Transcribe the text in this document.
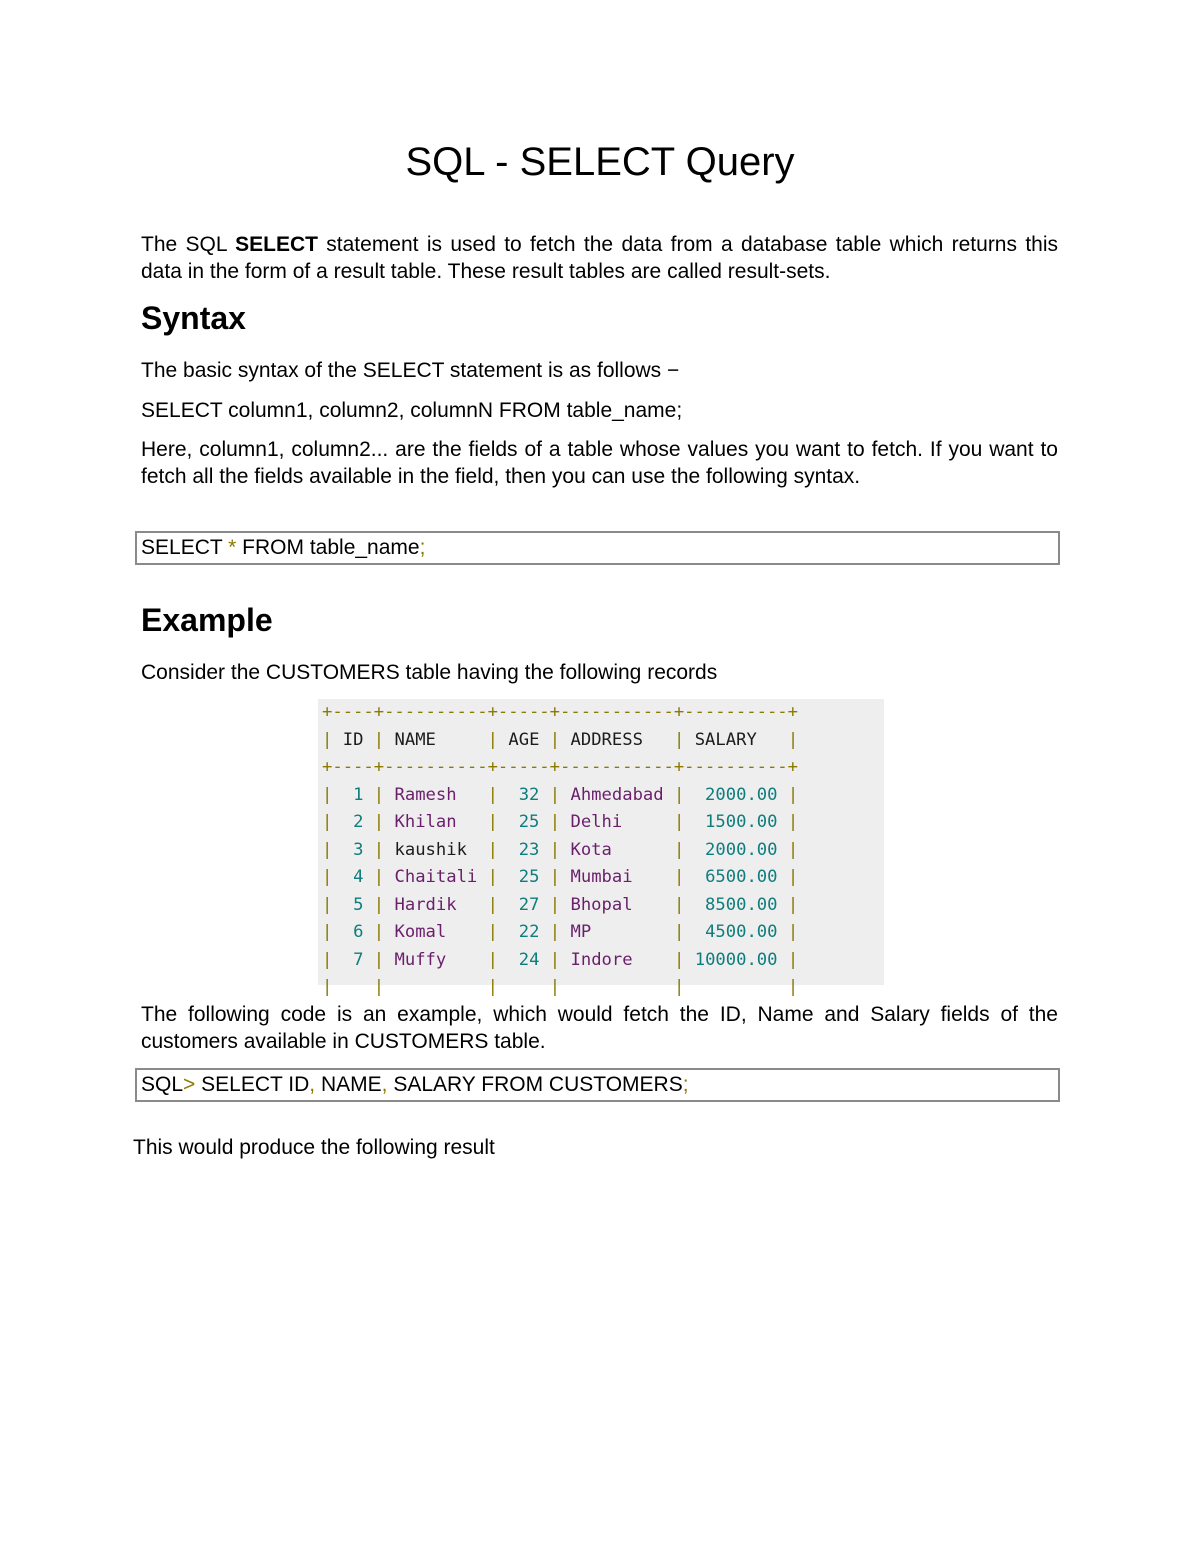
SQL - SELECT Query
The SQL SELECT statement is used to fetch the data from a database table which returns this data in the form of a result table. These result tables are called result-sets.
Syntax
The basic syntax of the SELECT statement is as follows −
SELECT column1, column2, columnN FROM table_name;
Here, column1, column2... are the fields of a table whose values you want to fetch. If you want to fetch all the fields available in the field, then you can use the following syntax.
SELECT * FROM table_name;
Example
Consider the CUSTOMERS table having the following records
+----+----------+-----+-----------+----------+
| ID | NAME	| AGE | ADDRESS | SALARY |
+----+----------+-----+-----------+----------+
| 1 | Ramesh | 32 | Ahmedabad | 2000.00 |
| 2 | Khilan | 25 | Delhi	| 1500.00 |
| 3 | kaushik | 23 | Kota	| 2000.00 |
| 4 | Chaitali | 25 | Mumbai | 6500.00 |
| 5 | Hardik | 27 | Bhopal | 8500.00 |
| 6 | Komal | 22 | MP	| 4500.00 |
| 7 | Muffy | 24 | Indore | 10000.00 |
| |	|	|	|	|

The following code is an example, which would fetch the ID, Name and Salary fields of the customers available in CUSTOMERS table.
SQL> SELECT ID, NAME, SALARY FROM CUSTOMERS;
This would produce the following result
